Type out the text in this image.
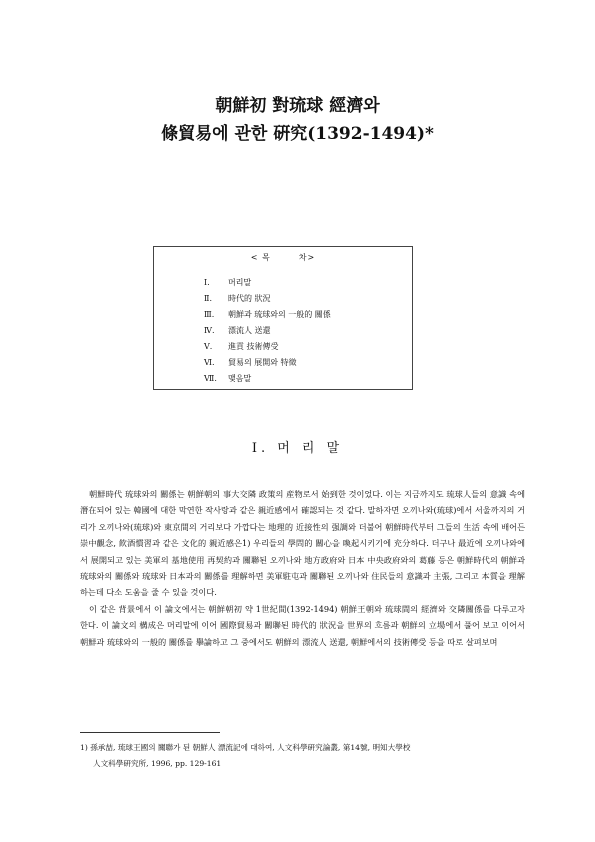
朝鮮初 對琉球 經濟와
條貿易에 관한 硏究(1392-1494)*
< 목	차>
Ⅰ.	머리말
Ⅱ.	時代的 狀況
Ⅲ.	朝鮮과 琉球와의 一般的 關係
Ⅳ.	漂流人 送還
Ⅴ.	進貢 技術傳受
Ⅵ.	貿易의 展開와 特徵
Ⅶ.	맺음말
Ⅰ. 머 리 말

朝鮮時代 琉球와의 關係는 朝鮮朝의 事大交隣 政策의 産物로서 始到한 것이었다. 이는 지금까지도 琉球人들의 意識 속에 潛在되어 있는 韓國에 대한 막연한 작사랑과 같은 親近感에서 確認되는 것 같다. 말하자면 오끼나와(琉球)에서 서울까지의 거리가 오끼나와(琉球)와 東京間의 거리보다 가깝다는 地理的 近接性의 强調와 더불어 朝鮮時代부터 그들의 生活 속에 배어든 崇中觀念, 飮酒慣習과 같은 文化的 親近感은1) 우리들의 學問的 關心을 喚起시키기에 充分하다. 더구나 最近에 오끼나와에서 展開되고 있는 美軍의 基地使用 再契約과 關聯된 오끼나와 地方政府와 日本 中央政府와의 葛藤 등은 朝鮮時代의 朝鮮과 琉球와의 關係와 琉球와 日本과의 關係를 理解하면 美軍駐屯과 關聯된 오끼나와 住民들의 意識과 主張, 그리고 本質을 理解하는데 다소 도움을 줄 수 있을 것이다.

이 같은 背景에서 이 論文에서는 朝鮮朝初 약 1世紀間(1392-1494) 朝鮮王朝와 琉球間의 經濟와 交隣關係를 다루고자 한다. 이 論文의 構成은 머리말에 이어 國際貿易과 關聯된 時代的 狀況을 世界의 흐름과 朝鮮의 立場에서 풀어 보고 이어서 朝鮮과 琉球와의 一般的 關係를 擧論하고 그 중에서도 朝鮮의 漂流人 送還, 朝鮮에서의 技術傳受 등을 따로 살펴보며

1) 孫承喆, 琉球王國의 關聯가 된 朝鮮人 漂流記에 대하여, 人文科學硏究論叢, 第14號, 明知大學校
人文科學硏究所, 1996, pp. 129-161
